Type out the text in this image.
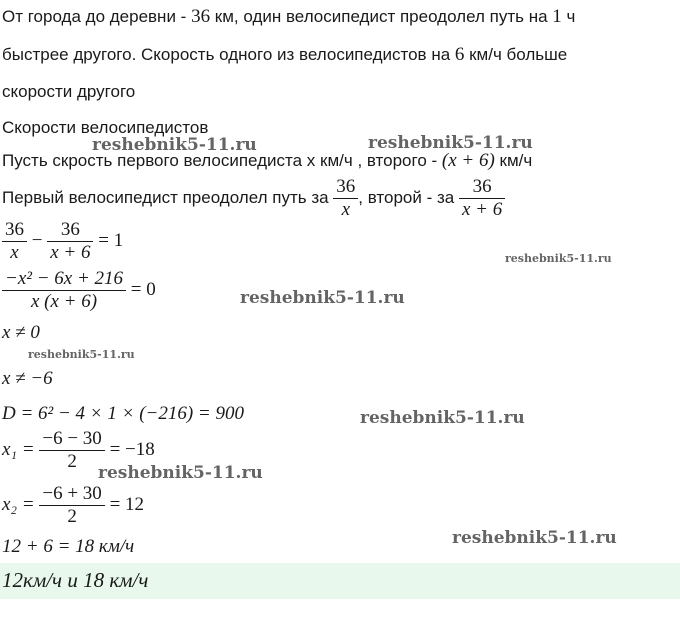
От города до деревни - 36 км, один велосипедист преодолел путь на 1 ч
быстрее другого. Скорость одного из велосипедистов на 6 км/ч больше
скорости другого
Скорости велосипедистов
Пусть скрость первого велосипедиста x км/ч , второго - (x + 6) км/ч
Первый велосипедист преодолел путь за $\frac{36}{x}$ , второй - за $\frac{36}{x + 6}$
$\frac{36}{x} - \frac{36}{x + 6} = 1$
$\frac{\text{−x² − 6x + 216}}{x (x + 6)} = 0$
x ≠ 0
x ≠ −6
D = 6² − 4 × 1 × (−216) = 900
$x_1 = \frac{-6 - 30}{2} = -18$
$x_2 = \frac{-6 + 30}{2} = 12$
12 + 6 = 18 км/ч
12км/ч и 18 км/ч
reshebnik5-11.ru	reshebnik5-11.ru
reshebnik5-11.ru
reshebnik5-11.ru
reshebnik5-11.ru
reshebnik5-11.ru
reshebnik5-11.ru
reshebnik5-11.ru
